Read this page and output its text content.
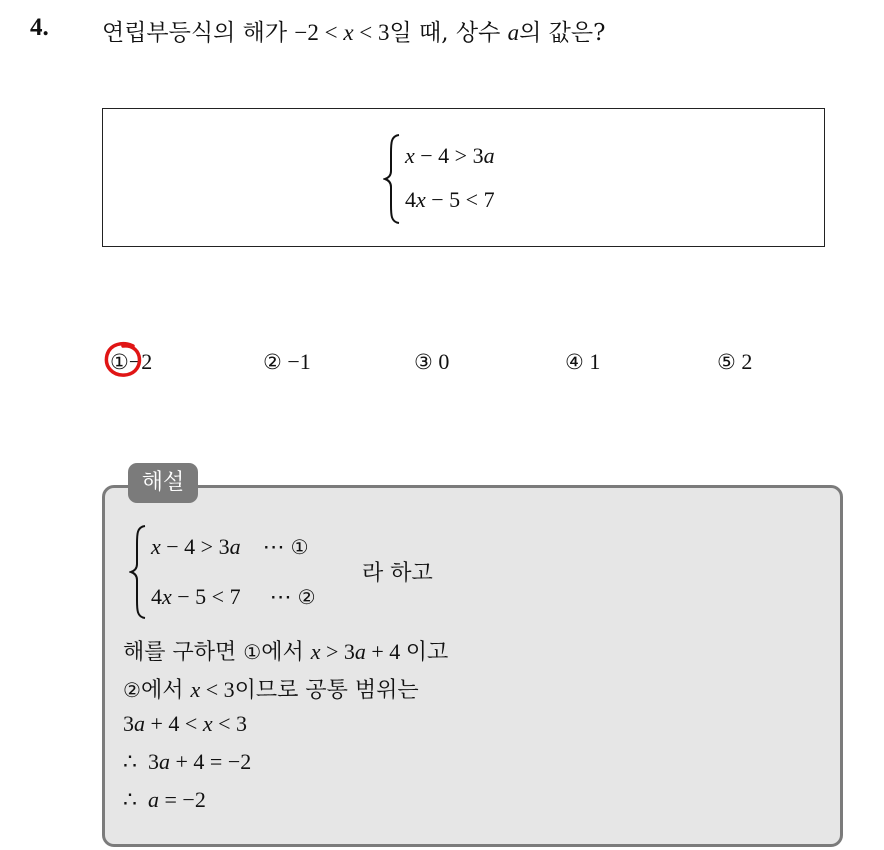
4. 연립부등식의 해가 −2 < x < 3일 때, 상수 a의 값은?
x − 4 > 3a
4x − 5 < 7
①−2	② −1	③ 0	④ 1	⑤ 2
해설
x − 4 > 3a ⋯ ①
4x − 5 < 7 ⋯ ②
라 하고
해를 구하면 ①에서 x > 3a + 4 이고
②에서 x < 3이므로 공통 범위는
3a + 4 < x < 3
∴  3a + 4 = −2
∴ a = −2
